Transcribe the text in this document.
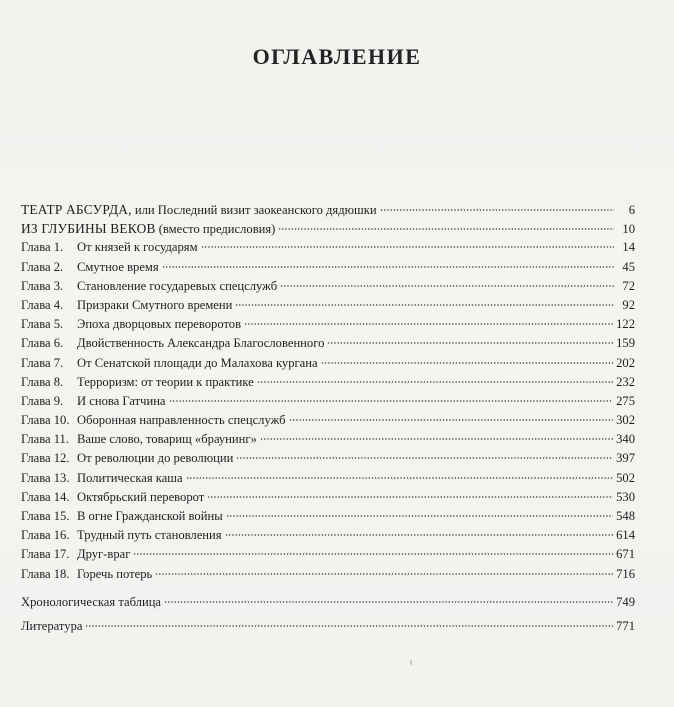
ОГЛАВЛЕНИЕ
ТЕАТР АБСУРДА, или Последний визит заокеанского дядюшки	6
ИЗ ГЛУБИНЫ ВЕКОВ (вместо предисловия)	10
Глава 1. От князей к государям	14
Глава 2. Смутное время	45
Глава 3. Становление государевых спецслужб	72
Глава 4. Призраки Смутного времени	92
Глава 5. Эпоха дворцовых переворотов	122
Глава 6. Двойственность Александра Благословенного	159
Глава 7. От Сенатской площади до Малахова кургана	202
Глава 8. Терроризм: от теории к практике	232
Глава 9. И снова Гатчина	275
Глава 10. Оборонная направленность спецслужб	302
Глава 11. Ваше слово, товарищ «браунинг»	340
Глава 12. От революции до революции	397
Глава 13. Политическая каша	502
Глава 14. Октябрьский переворот	530
Глава 15. В огне Гражданской войны	548
Глава 16. Трудный путь становления	614
Глава 17. Друг-враг	671
Глава 18. Горечь потерь	716
Хронологическая таблица	749
Литература	771
